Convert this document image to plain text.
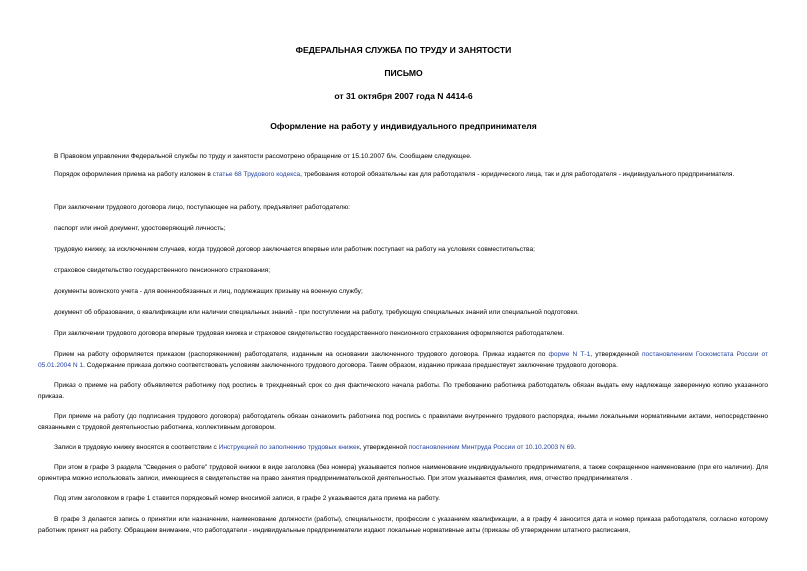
ФЕДЕРАЛЬНАЯ СЛУЖБА ПО ТРУДУ И ЗАНЯТОСТИ
ПИСЬМО
от 31 октября 2007 года N 4414-6
Оформление на работу у индивидуального предпринимателя
В Правовом управлении Федеральной службы по труду и занятости рассмотрено обращение от 15.10.2007 б/н. Сообщаем следующее.
Порядок оформления приема на работу изложен в статье 68 Трудового кодекса, требования которой обязательны как для работодателя - юридического лица, так и для работодателя - индивидуального предпринимателя.
При заключении трудового договора лицо, поступающее на работу, предъявляет работодателю:
паспорт или иной документ, удостоверяющий личность;
трудовую книжку, за исключением случаев, когда трудовой договор заключается впервые или работник поступает на работу на условиях совместительства;
страховое свидетельство государственного пенсионного страхования;
документы воинского учета - для военнообязанных и лиц, подлежащих призыву на военную службу;
документ об образовании, о квалификации или наличии специальных знаний - при поступлении на работу, требующую специальных знаний или специальной подготовки.
При заключении трудового договора впервые трудовая книжка и страховое свидетельство государственного пенсионного страхования оформляются работодателем.
Прием на работу оформляется приказом (распоряжением) работодателя, изданным на основании заключенного трудового договора. Приказ издается по форме N Т-1, утвержденной постановлением Госкомстата России от 05.01.2004 N 1. Содержание приказа должно соответствовать условиям заключенного трудового договора. Таким образом, изданию приказа предшествует заключение трудового договора.
Приказ о приеме на работу объявляется работнику под роспись в трехдневный срок со дня фактического начала работы. По требованию работника работодатель обязан выдать ему надлежаще заверенную копию указанного приказа.
При приеме на работу (до подписания трудового договора) работодатель обязан ознакомить работника под роспись с правилами внутреннего трудового распорядка, иными локальными нормативными актами, непосредственно связанными с трудовой деятельностью работника, коллективным договором.
Записи в трудовую книжку вносятся в соответствии с Инструкцией по заполнению трудовых книжек, утвержденной постановлением Минтруда России от 10.10.2003 N 69.
При этом в графе 3 раздела "Сведения о работе" трудовой книжки в виде заголовка (без номера) указывается полное наименование индивидуального предпринимателя, а также сокращенное наименование (при его наличии). Для ориентира можно использовать записи, имеющиеся в свидетельстве на право занятия предпринимательской деятельностью. При этом указывается фамилия, имя, отчество предпринимателя .
Под этим заголовком в графе 1 ставится порядковый номер вносимой записи, в графе 2 указывается дата приема на работу.
В графе 3 делается запись о принятии или назначении, наименование должности (работы), специальности, профессии с указанием квалификации, а в графу 4 заносится дата и номер приказа работодателя, согласно которому работник принят на работу. Обращаем внимание, что работодатели - индивидуальные предприниматели издают локальные нормативные акты (приказы об утверждении штатного расписания,
